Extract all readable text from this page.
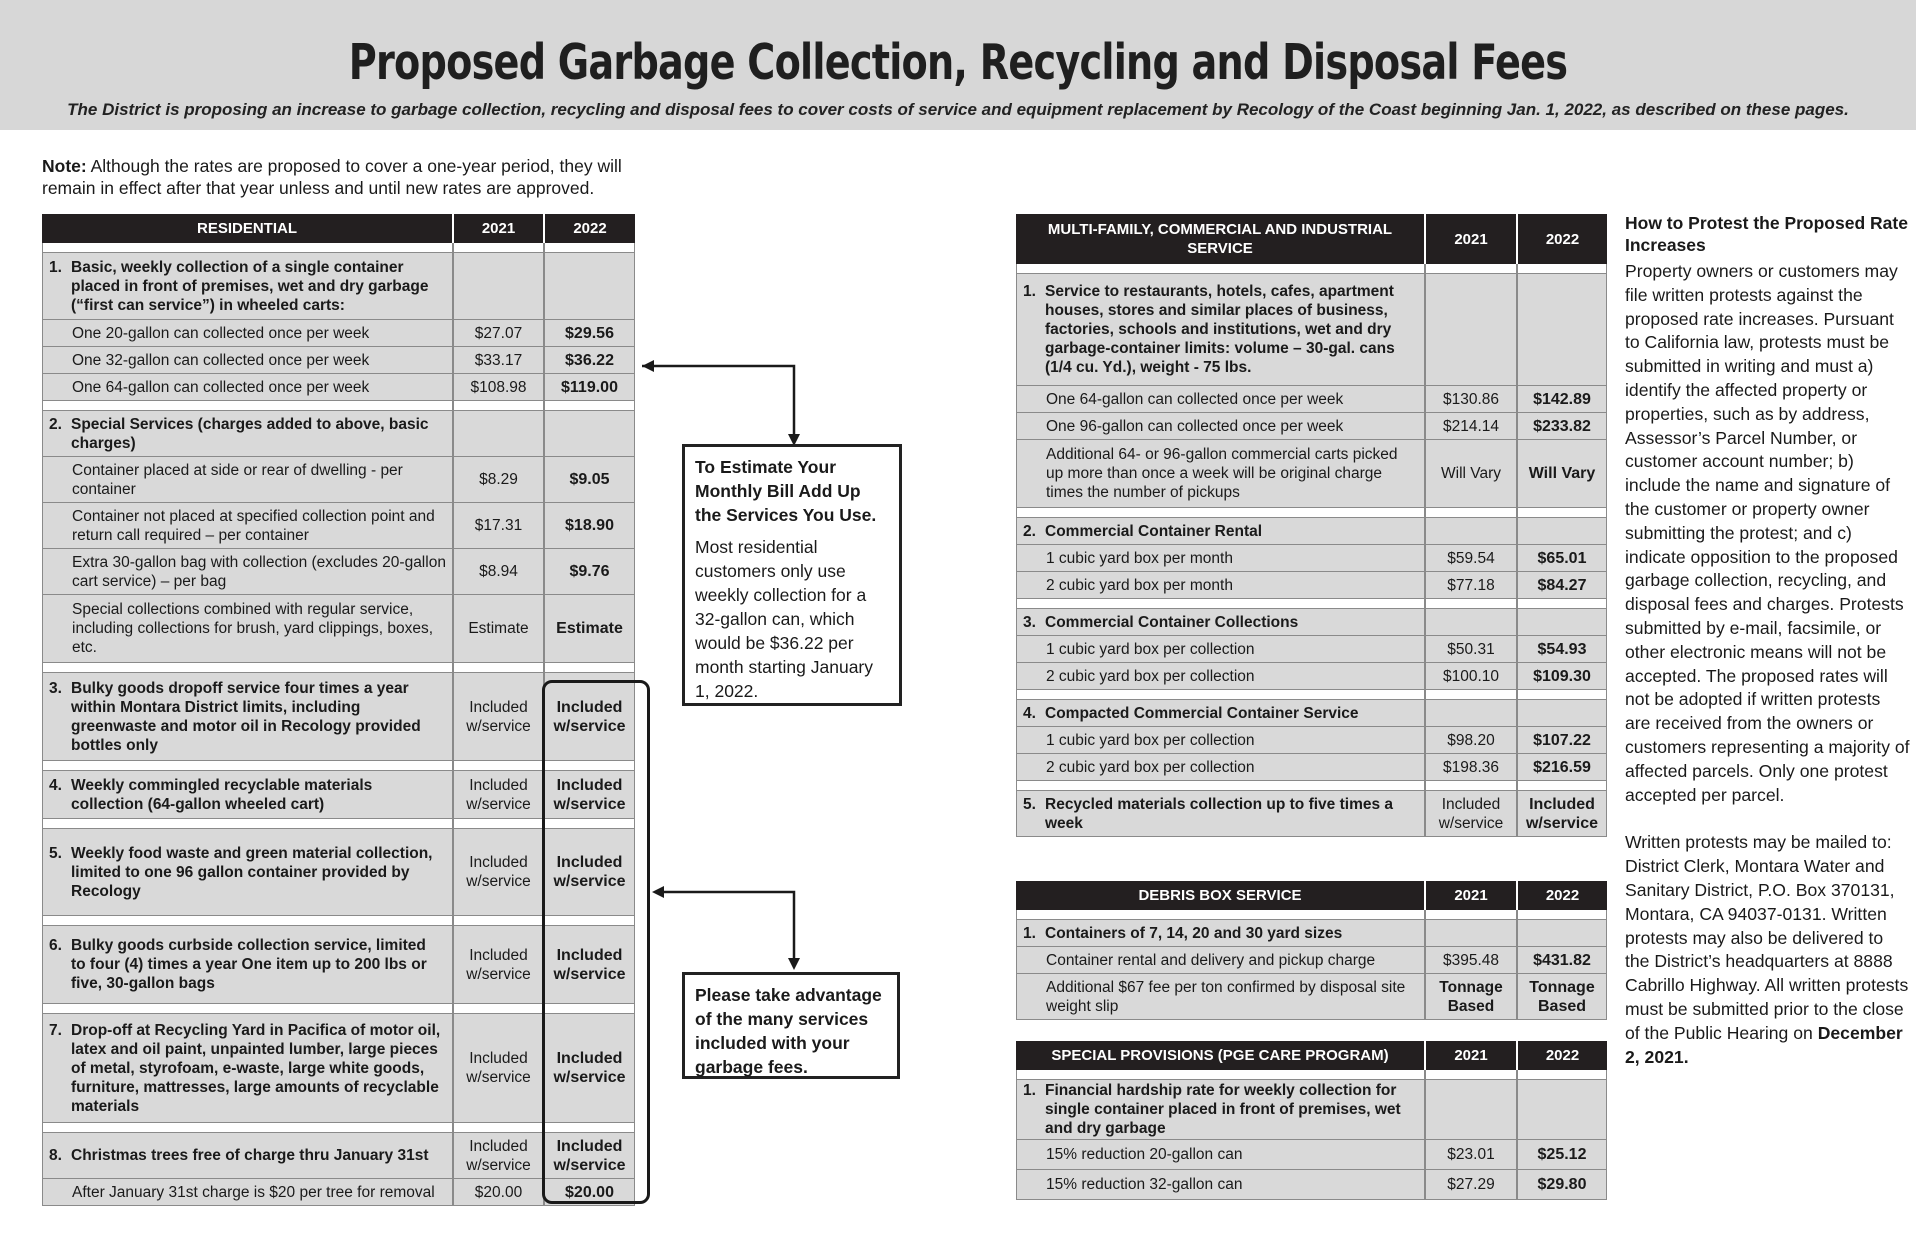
Proposed Garbage Collection, Recycling and Disposal Fees
The District is proposing an increase to garbage collection, recycling and disposal fees to cover costs of service and equipment replacement by Recology of the Coast beginning Jan. 1, 2022, as described on these pages.
Note: Although the rates are proposed to cover a one-year period, they will remain in effect after that year unless and until new rates are approved.
RESIDENTIAL	2021	2022

1. Basic, weekly collection of a single container placed in front of premises, wet and dry garbage (“first can service”) in wheeled carts:		
One 20-gallon can collected once per week	$27.07	$29.56
One 32-gallon can collected once per week	$33.17	$36.22
One 64-gallon can collected once per week	$108.98	$119.00

2. Special Services (charges added to above, basic charges)		
Container placed at side or rear of dwelling - per container	$8.29	$9.05
Container not placed at specified collection point and return call required – per container	$17.31	$18.90
Extra 30-gallon bag with collection (excludes 20-gallon cart service) – per bag	$8.94	$9.76
Special collections combined with regular service, including collections for brush, yard clippings, boxes, etc.	Estimate	Estimate

3. Bulky goods dropoff service four times a year within Montara District limits, including greenwaste and motor oil in Recology provided bottles only	Included w/service	Included w/service

4. Weekly commingled recyclable materials collection (64-gallon wheeled cart)	Included w/service	Included w/service

5. Weekly food waste and green material collection, limited to one 96 gallon container provided by Recology	Included w/service	Included w/service

6. Bulky goods curbside collection service, limited to four (4) times a year One item up to 200 lbs or five, 30-gallon bags	Included w/service	Included w/service

7. Drop-off at Recycling Yard in Pacifica of motor oil, latex and oil paint, unpainted lumber, large pieces of metal, styrofoam, e-waste, large white goods, furniture, mattresses, large amounts of recyclable materials	Included w/service	Included w/service

8. Christmas trees free of charge thru January 31st	Included w/service	Included w/service
After January 31st charge is $20 per tree for removal	$20.00	$20.00
To Estimate Your Monthly Bill Add Up the Services You Use.
Most residential customers only use weekly collection for a 32-gallon can, which would be $36.22 per month starting January 1, 2022.
Please take advantage of the many services included with your garbage fees.
MULTI-FAMILY, COMMERCIAL AND INDUSTRIAL SERVICE	2021	2022

1. Service to restaurants, hotels, cafes, apartment houses, stores and similar places of business, factories, schools and institutions, wet and dry garbage-container limits: volume – 30-gal. cans (1/4 cu. Yd.), weight - 75 lbs.		
One 64-gallon can collected once per week	$130.86	$142.89
One 96-gallon can collected once per week	$214.14	$233.82
Additional 64- or 96-gallon commercial carts picked up more than once a week will be original charge times the number of pickups	Will Vary	Will Vary

2. Commercial Container Rental		
1 cubic yard box per month	$59.54	$65.01
2 cubic yard box per month	$77.18	$84.27

3. Commercial Container Collections		
1 cubic yard box per collection	$50.31	$54.93
2 cubic yard box per collection	$100.10	$109.30

4. Compacted Commercial Container Service		
1 cubic yard box per collection	$98.20	$107.22
2 cubic yard box per collection	$198.36	$216.59

5. Recycled materials collection up to five times a week	Included w/service	Included w/service
DEBRIS BOX SERVICE	2021	2022

1. Containers of 7, 14, 20 and 30 yard sizes		
Container rental and delivery and pickup charge	$395.48	$431.82
Additional $67 fee per ton confirmed by disposal site weight slip	Tonnage Based	Tonnage Based
SPECIAL PROVISIONS (PGE CARE PROGRAM)	2021	2022

1. Financial hardship rate for weekly collection for single container placed in front of premises, wet and dry garbage		
15% reduction 20-gallon can	$23.01	$25.12
15% reduction 32-gallon can	$27.29	$29.80
How to Protest the Proposed Rate Increases

Property owners or customers may file written protests against the proposed rate increases. Pursuant to California law, protests must be submitted in writing and must a) identify the affected property or properties, such as by address, Assessor’s Parcel Number, or customer account number; b) include the name and signature of the customer or property owner submitting the protest; and c) indicate opposition to the proposed garbage collection, recycling, and disposal fees and charges. Protests submitted by e-mail, facsimile, or other electronic means will not be accepted. The proposed rates will not be adopted if written protests are received from the owners or customers representing a majority of affected parcels. Only one protest accepted per parcel.

Written protests may be mailed to: District Clerk, Montara Water and Sanitary District, P.O. Box 370131, Montara, CA 94037-0131. Written protests may also be delivered to the District’s headquarters at 8888 Cabrillo Highway. All written protests must be submitted prior to the close of the Public Hearing on December 2, 2021.
